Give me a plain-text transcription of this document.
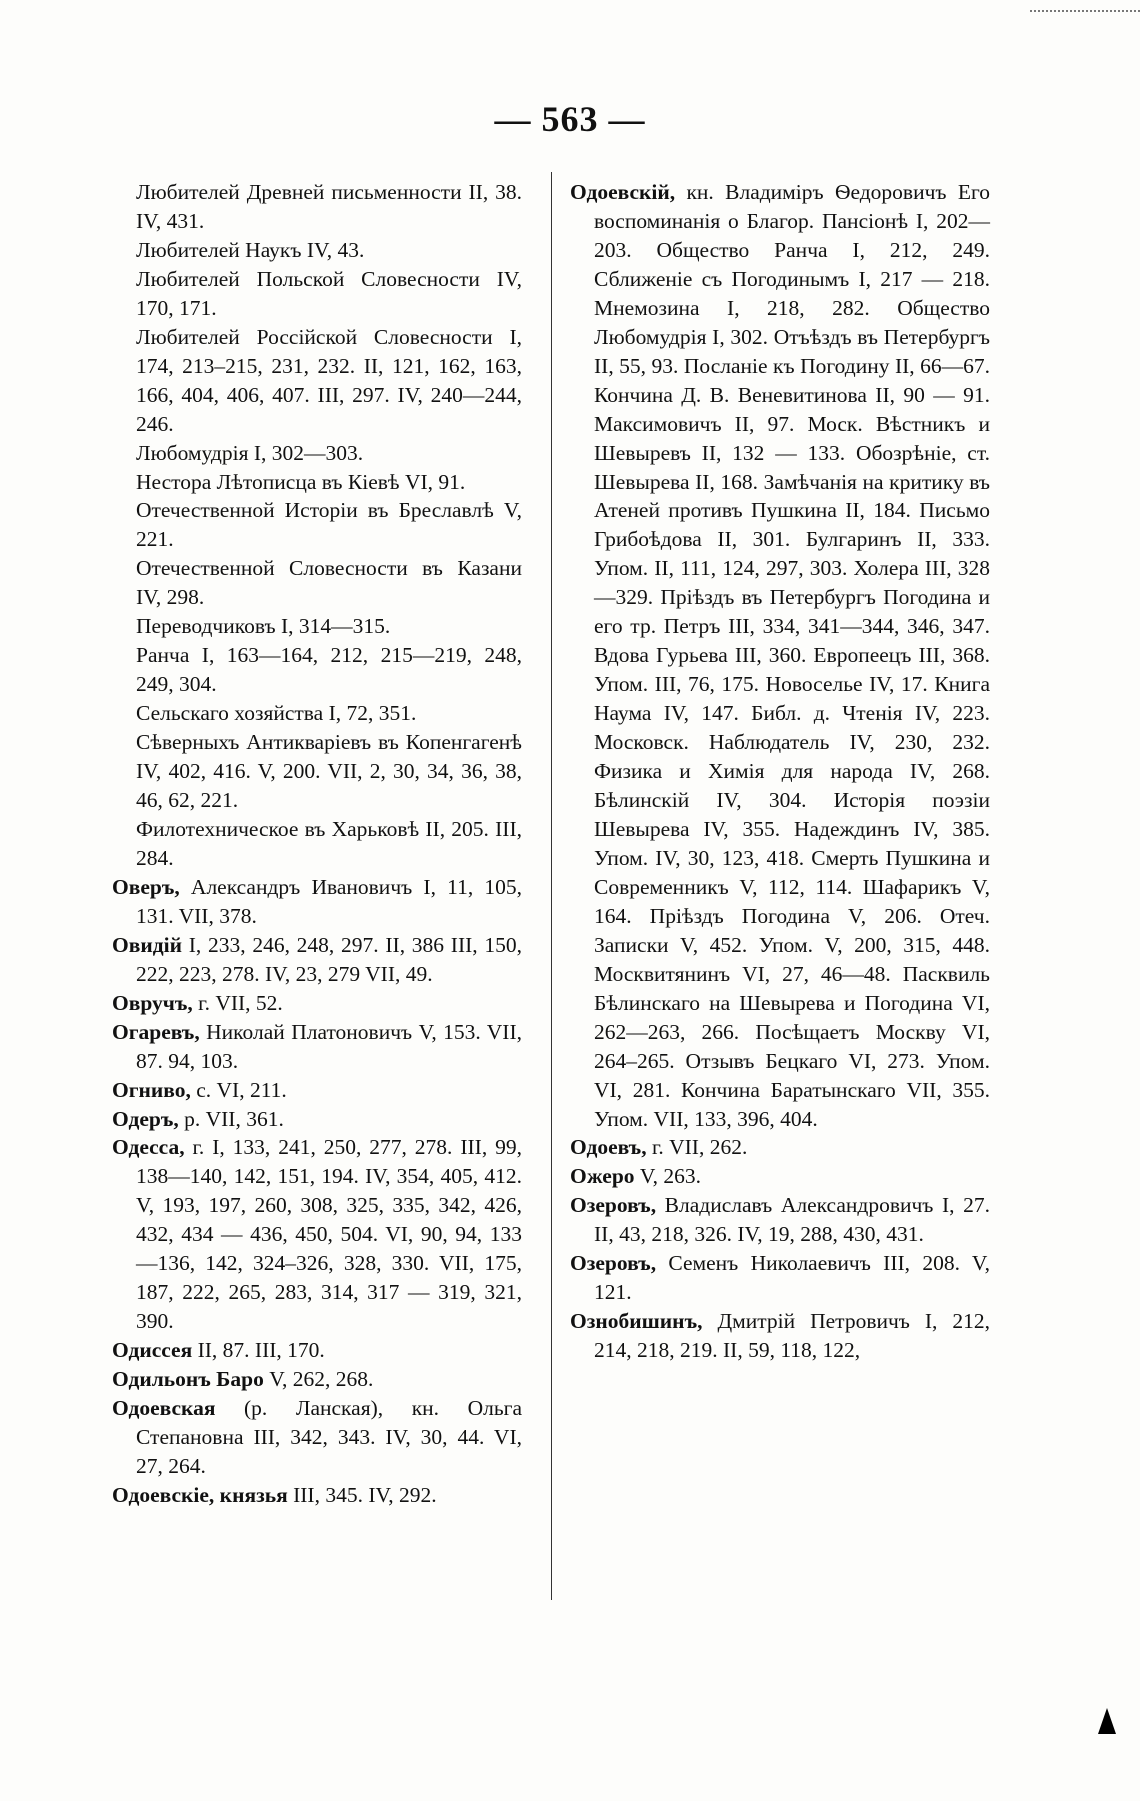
— 563 —
Любителей Древней письменности II, 38. IV, 431.
Любителей Наукъ IV, 43.
Любителей Польской Словесности IV, 170, 171.
Любителей Россійской Словесности I, 174, 213–215, 231, 232. II, 121, 162, 163, 166, 404, 406, 407. III, 297. IV, 240—244, 246.
Любомудрія I, 302—303.
Нестора Лѣтописца въ Кіевѣ VI, 91.
Отечественной Исторіи въ Бреславлѣ V, 221.
Отечественной Словесности въ Казани IV, 298.
Переводчиковъ I, 314—315.
Ранча I, 163—164, 212, 215—219, 248, 249, 304.
Сельскаго хозяйства I, 72, 351.
Сѣверныхъ Антикваріевъ въ Копенгагенѣ IV, 402, 416. V, 200. VII, 2, 30, 34, 36, 38, 46, 62, 221.
Филотехническое въ Харьковѣ II, 205. III, 284.
Оверъ, Александръ Ивановичъ I, 11, 105, 131. VII, 378.
Овидій I, 233, 246, 248, 297. II, 386 III, 150, 222, 223, 278. IV, 23, 279 VII, 49.
Овручъ, г. VII, 52.
Огаревъ, Николай Платоновичъ V, 153. VII, 87. 94, 103.
Огниво, с. VI, 211.
Одеръ, р. VII, 361.
Одесса, г. I, 133, 241, 250, 277, 278. III, 99, 138—140, 142, 151, 194. IV, 354, 405, 412. V, 193, 197, 260, 308, 325, 335, 342, 426, 432, 434 — 436, 450, 504. VI, 90, 94, 133—136, 142, 324–326, 328, 330. VII, 175, 187, 222, 265, 283, 314, 317 — 319, 321, 390.
Одиссея II, 87. III, 170.
Одильонъ Баро V, 262, 268.
Одоевская (р. Ланская), кн. Ольга Степановна III, 342, 343. IV, 30, 44. VI, 27, 264.
Одоевскіе, князья III, 345. IV, 292.
Одоевскій, кн. Владиміръ Ѳедоровичъ Его воспоминанія о Благор. Пансіонѣ I, 202—203. Общество Ранча I, 212, 249. Сближеніе съ Погодинымъ I, 217 — 218. Мнемозина I, 218, 282. Общество Любомудрія I, 302. Отъѣздъ въ Петербургъ II, 55, 93. Посланіе къ Погодину II, 66—67. Кончина Д. В. Веневитинова II, 90 — 91. Максимовичъ II, 97. Моск. Вѣстникъ и Шевыревъ II, 132 — 133. Обозрѣніе, ст. Шевырева II, 168. Замѣчанія на критику въ Атеней противъ Пушкина II, 184. Письмо Грибоѣдова II, 301. Булгаринъ II, 333. Упом. II, 111, 124, 297, 303. Холера III, 328—329. Пріѣздъ въ Петербургъ Погодина и его тр. Петръ III, 334, 341—344, 346, 347. Вдова Гурьева III, 360. Европеецъ III, 368. Упом. III, 76, 175. Новоселье IV, 17. Книга Наума IV, 147. Библ. д. Чтенія IV, 223. Московск. Наблюдатель IV, 230, 232. Физика и Химія для народа IV, 268. Бѣлинскій IV, 304. Исторія поэзіи Шевырева IV, 355. Надеждинъ IV, 385. Упом. IV, 30, 123, 418. Смерть Пушкина и Современникъ V, 112, 114. Шафарикъ V, 164. Пріѣздъ Погодина V, 206. Отеч. Записки V, 452. Упом. V, 200, 315, 448. Москвитянинъ VI, 27, 46—48. Пасквиль Бѣлинскаго на Шевырева и Погодина VI, 262—263, 266. Посѣщаетъ Москву VI, 264–265. Отзывъ Бецкаго VI, 273. Упом. VI, 281. Кончина Баратынскаго VII, 355. Упом. VII, 133, 396, 404.
Одоевъ, г. VII, 262.
Ожеро V, 263.
Озеровъ, Владиславъ Александровичъ I, 27. II, 43, 218, 326. IV, 19, 288, 430, 431.
Озеровъ, Семенъ Николаевичъ III, 208. V, 121.
Ознобишинъ, Дмитрій Петровичъ I, 212, 214, 218, 219. II, 59, 118, 122,
